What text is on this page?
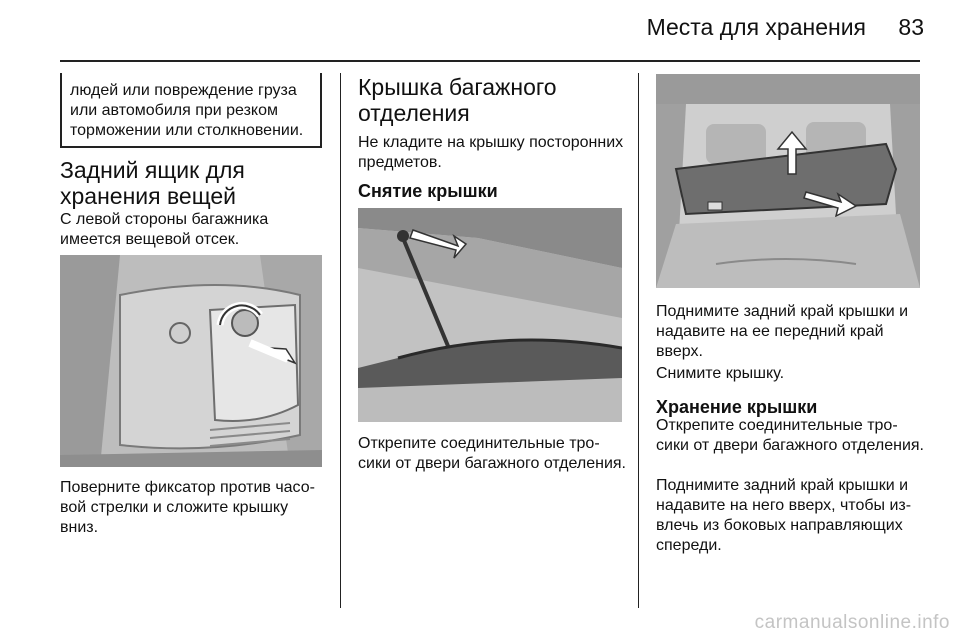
Места для хранения	83
людей или повреждение груза или автомобиля при резком торможении или столкновении.
Задний ящик для хранения вещей

С левой стороны багажника имеется вещевой отсек.

Поверните фиксатор против часовой стрелки и сложите крышку вниз.

Крышка багажного отделения

Не кладите на крышку посторонних предметов.

Снятие крышки

Открепите соединительные тросики от двери багажного отделения.

Поднимите задний край крышки и надавите на ее передний край вверх.

Снимите крышку.

Хранение крышки

Открепите соединительные тросики от двери багажного отделения.

Поднимите задний край крышки и надавите на него вверх, чтобы извлечь из боковых направляющих спереди.

carmanualsonline.info
